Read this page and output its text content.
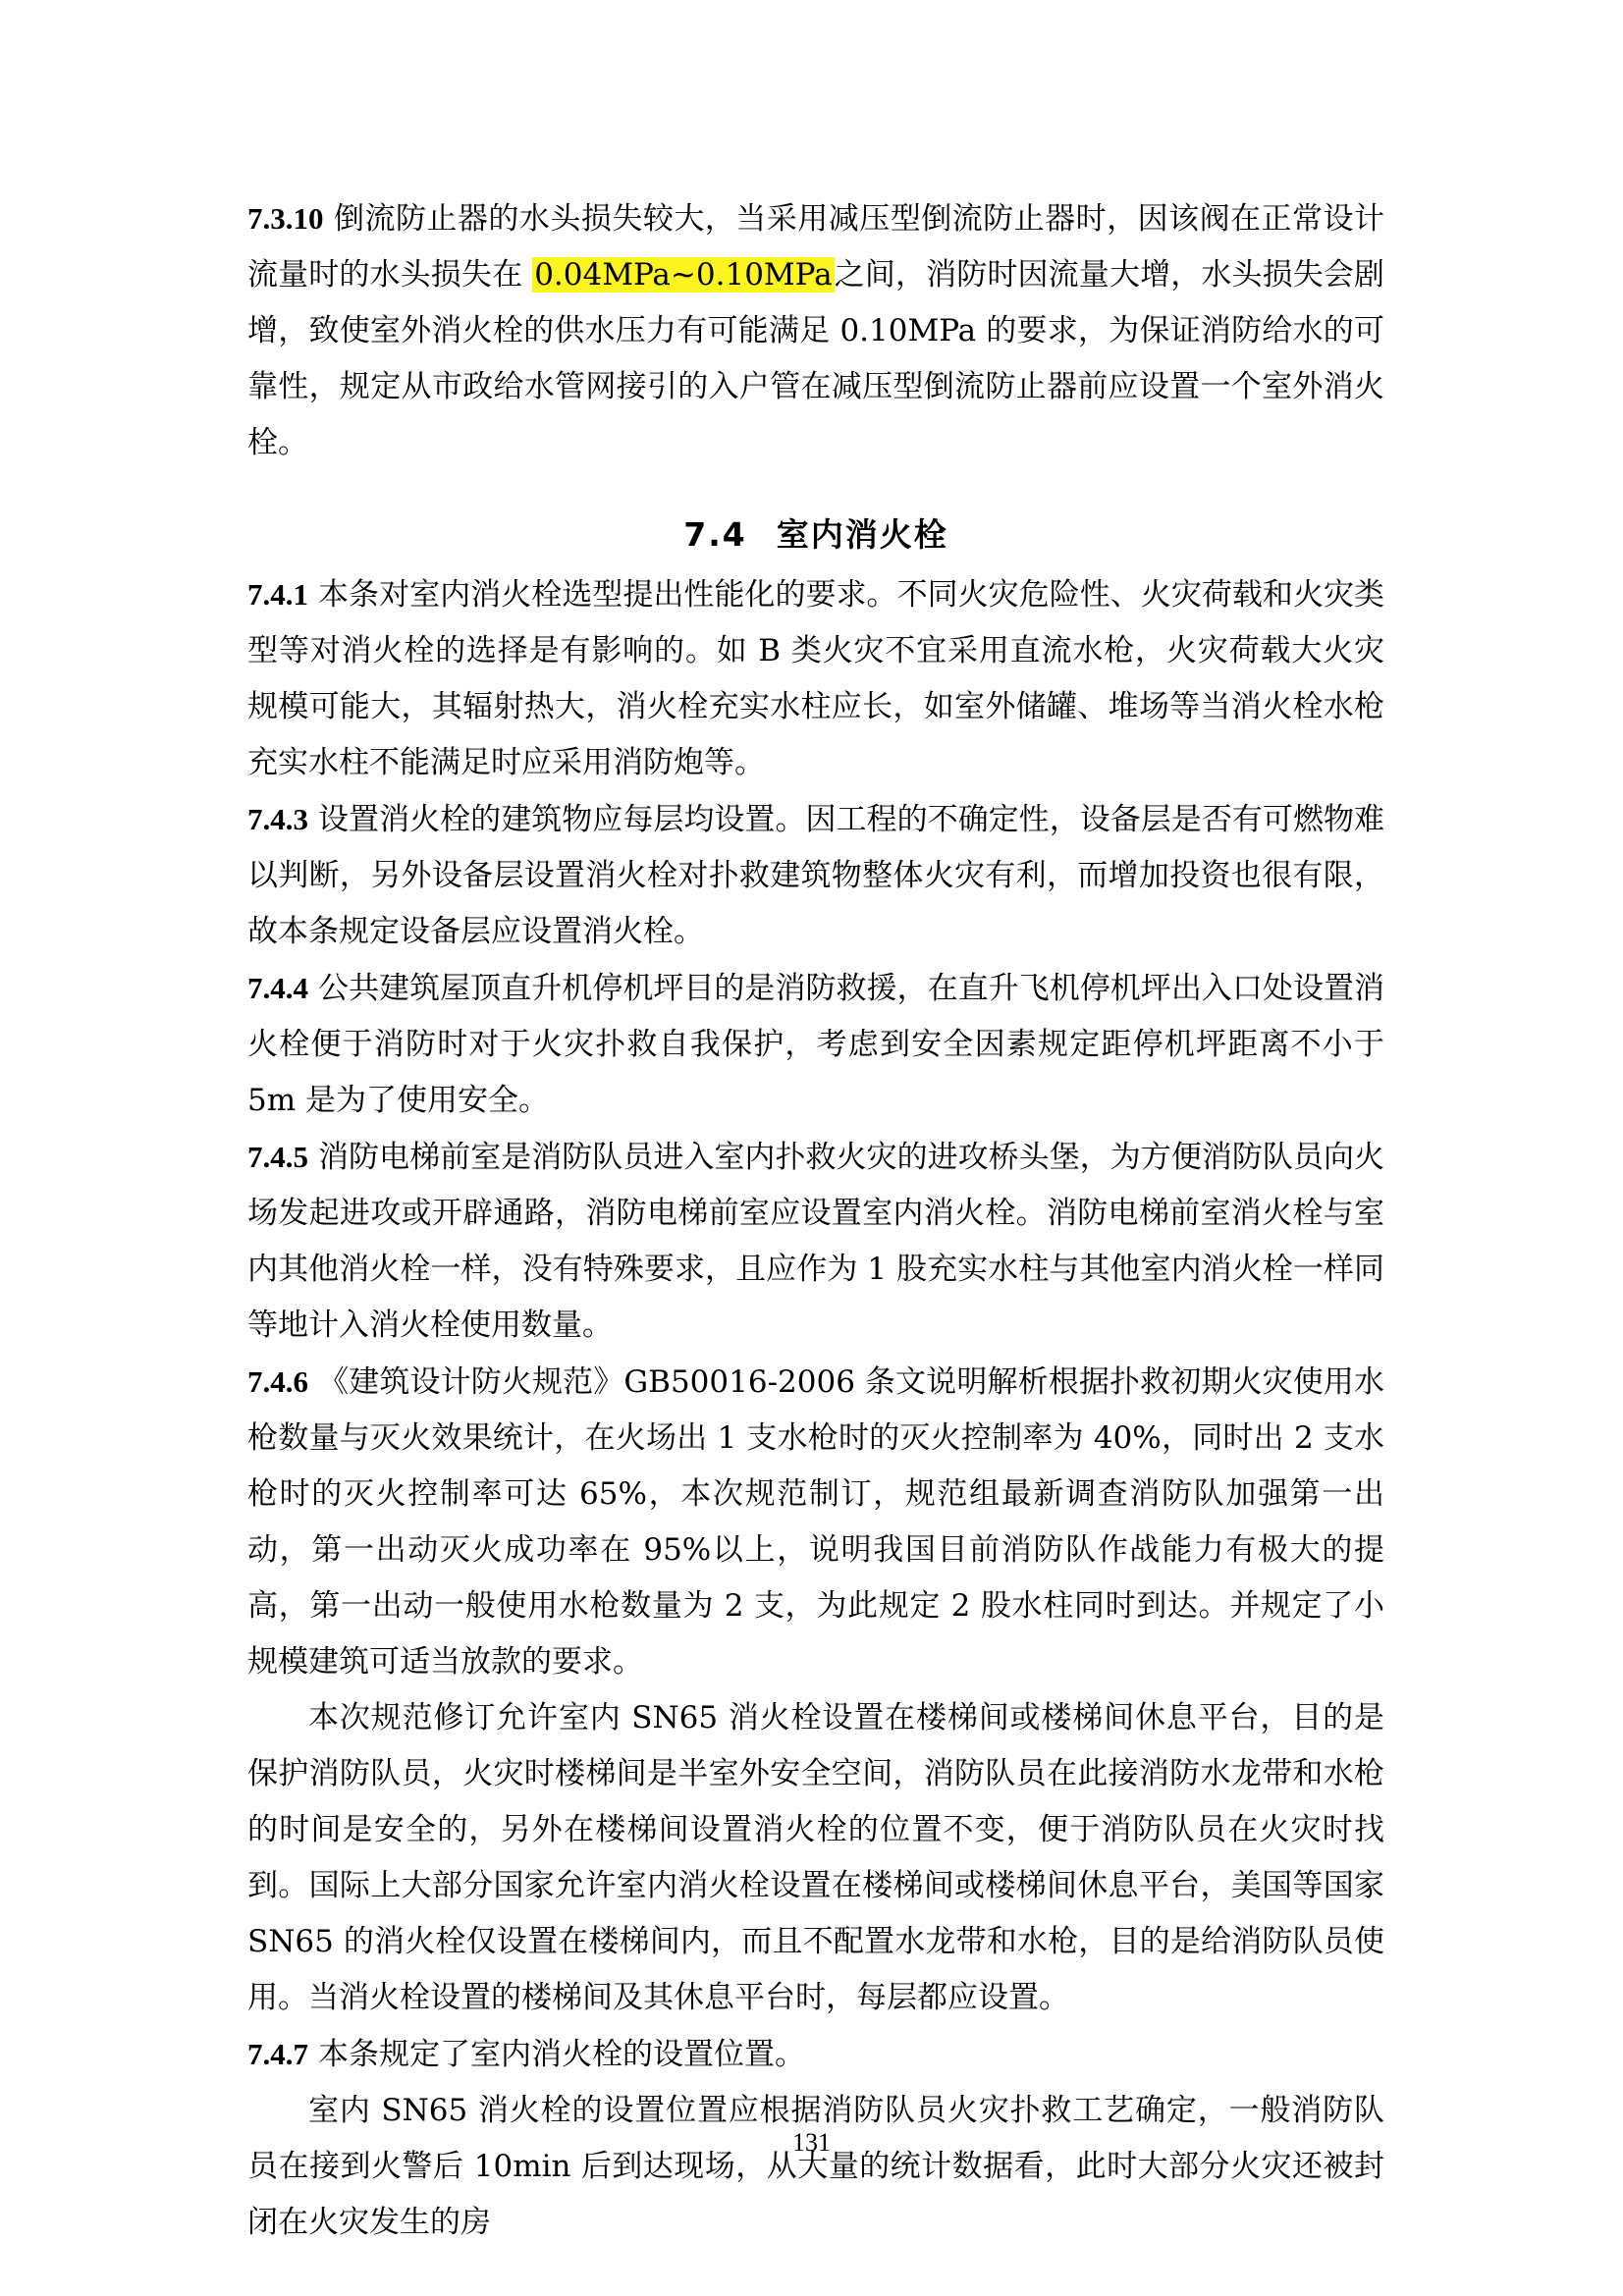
7.3.10 倒流防止器的水头损失较大，当采用减压型倒流防止器时，因该阀在正常设计流量时的水头损失在 0.04MPa~0.10MPa之间，消防时因流量大增，水头损失会剧增，致使室外消火栓的供水压力有可能满足 0.10MPa 的要求，为保证消防给水的可靠性，规定从市政给水管网接引的入户管在减压型倒流防止器前应设置一个室外消火栓。

7.4 室内消火栓

7.4.1 本条对室内消火栓选型提出性能化的要求。不同火灾危险性、火灾荷载和火灾类型等对消火栓的选择是有影响的。如 B 类火灾不宜采用直流水枪，火灾荷载大火灾规模可能大，其辐射热大，消火栓充实水柱应长，如室外储罐、堆场等当消火栓水枪充实水柱不能满足时应采用消防炮等。

7.4.3 设置消火栓的建筑物应每层均设置。因工程的不确定性，设备层是否有可燃物难以判断，另外设备层设置消火栓对扑救建筑物整体火灾有利，而增加投资也很有限，故本条规定设备层应设置消火栓。

7.4.4 公共建筑屋顶直升机停机坪目的是消防救援，在直升飞机停机坪出入口处设置消火栓便于消防时对于火灾扑救自我保护，考虑到安全因素规定距停机坪距离不小于 5m 是为了使用安全。

7.4.5 消防电梯前室是消防队员进入室内扑救火灾的进攻桥头堡，为方便消防队员向火场发起进攻或开辟通路，消防电梯前室应设置室内消火栓。消防电梯前室消火栓与室内其他消火栓一样，没有特殊要求，且应作为 1 股充实水柱与其他室内消火栓一样同等地计入消火栓使用数量。

7.4.6 《建筑设计防火规范》GB50016-2006 条文说明解析根据扑救初期火灾使用水枪数量与灭火效果统计，在火场出 1 支水枪时的灭火控制率为 40%，同时出 2 支水枪时的灭火控制率可达 65%，本次规范制订，规范组最新调查消防队加强第一出动，第一出动灭火成功率在 95%以上，说明我国目前消防队作战能力有极大的提高，第一出动一般使用水枪数量为 2 支，为此规定 2 股水柱同时到达。并规定了小规模建筑可适当放款的要求。

本次规范修订允许室内 SN65 消火栓设置在楼梯间或楼梯间休息平台，目的是保护消防队员，火灾时楼梯间是半室外安全空间，消防队员在此接消防水龙带和水枪的时间是安全的，另外在楼梯间设置消火栓的位置不变，便于消防队员在火灾时找到。国际上大部分国家允许室内消火栓设置在楼梯间或楼梯间休息平台，美国等国家 SN65 的消火栓仅设置在楼梯间内，而且不配置水龙带和水枪，目的是给消防队员使用。当消火栓设置的楼梯间及其休息平台时，每层都应设置。

7.4.7 本条规定了室内消火栓的设置位置。

室内 SN65 消火栓的设置位置应根据消防队员火灾扑救工艺确定，一般消防队员在接到火警后 10min 后到达现场，从大量的统计数据看，此时大部分火灾还被封闭在火灾发生的房

131
